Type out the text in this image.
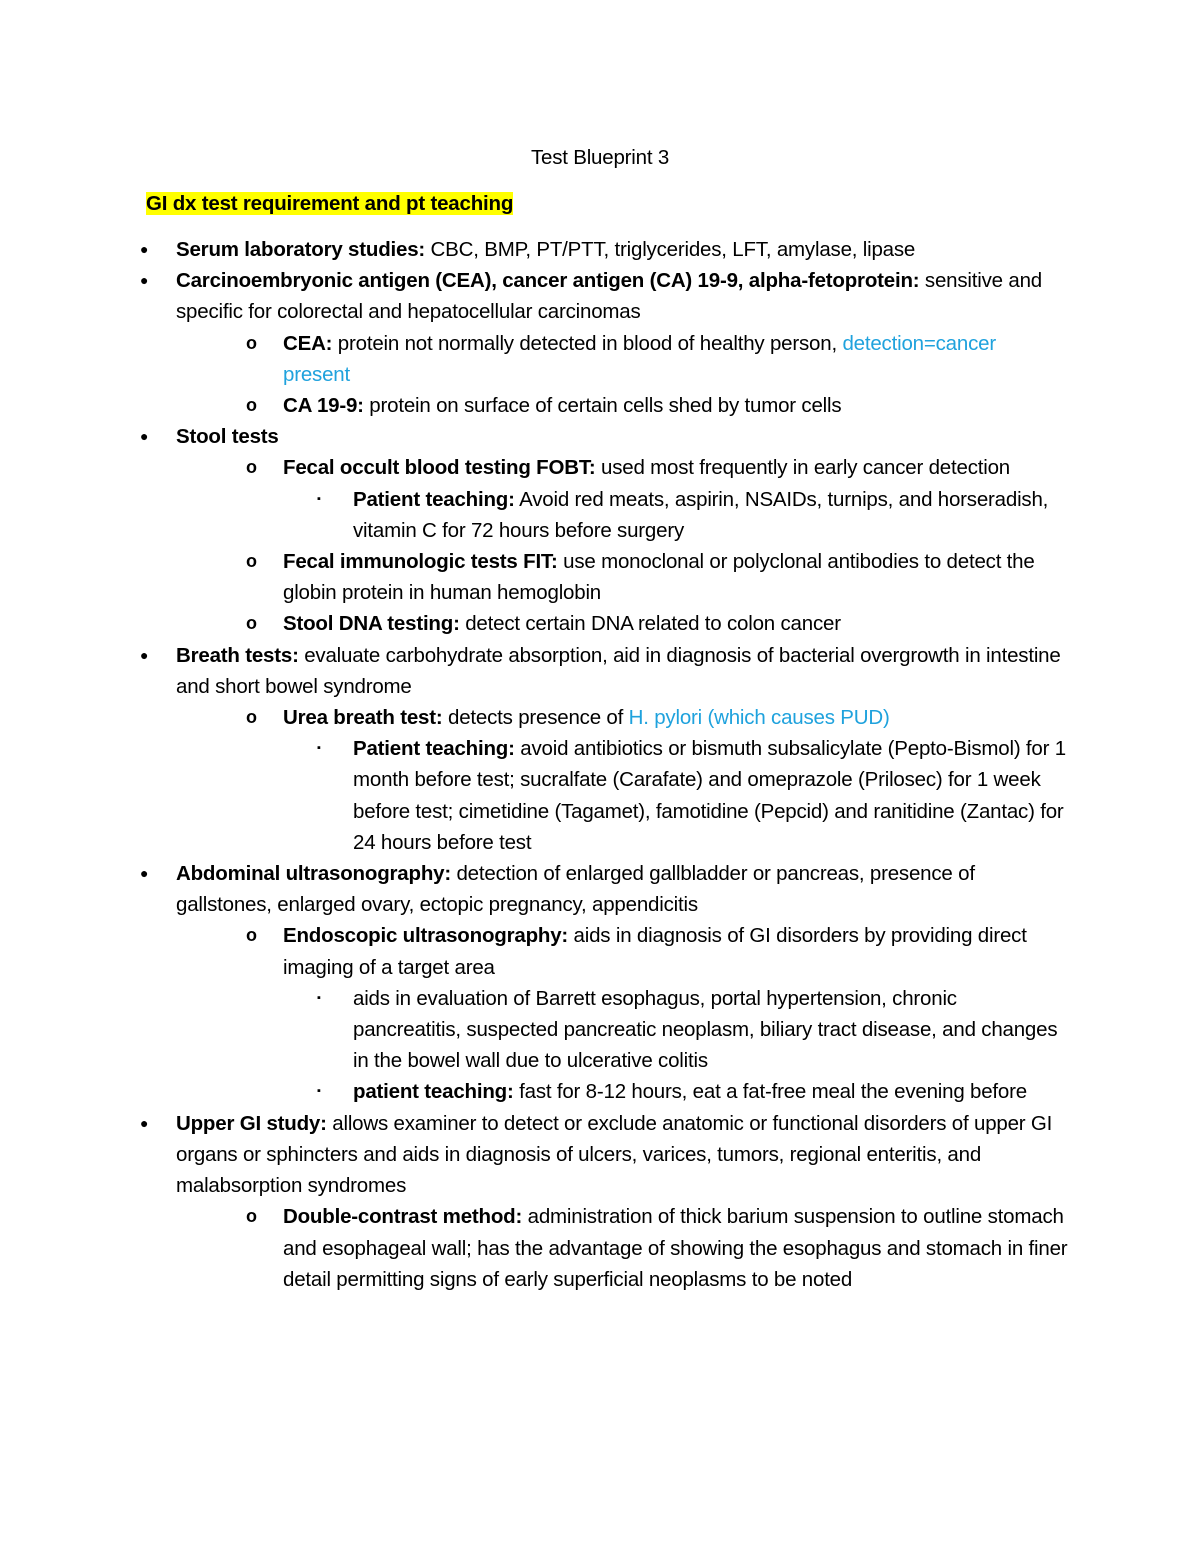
Test Blueprint 3
GI dx test requirement and pt teaching
● Serum laboratory studies: CBC, BMP, PT/PTT, triglycerides, LFT, amylase, lipase
● Carcinoembryonic antigen (CEA), cancer antigen (CA) 19-9, alpha-fetoprotein: sensitive and specific for colorectal and hepatocellular carcinomas
o CEA: protein not normally detected in blood of healthy person, detection=cancer present
o CA 19-9: protein on surface of certain cells shed by tumor cells
● Stool tests
o Fecal occult blood testing FOBT: used most frequently in early cancer detection
▪ Patient teaching: Avoid red meats, aspirin, NSAIDs, turnips, and horseradish, vitamin C for 72 hours before surgery
o Fecal immunologic tests FIT: use monoclonal or polyclonal antibodies to detect the globin protein in human hemoglobin
o Stool DNA testing: detect certain DNA related to colon cancer
● Breath tests: evaluate carbohydrate absorption, aid in diagnosis of bacterial overgrowth in intestine and short bowel syndrome
o Urea breath test: detects presence of H. pylori (which causes PUD)
▪ Patient teaching: avoid antibiotics or bismuth subsalicylate (Pepto-Bismol) for 1 month before test; sucralfate (Carafate) and omeprazole (Prilosec) for 1 week before test; cimetidine (Tagamet), famotidine (Pepcid) and ranitidine (Zantac) for 24 hours before test
● Abdominal ultrasonography: detection of enlarged gallbladder or pancreas, presence of gallstones, enlarged ovary, ectopic pregnancy, appendicitis
o Endoscopic ultrasonography: aids in diagnosis of GI disorders by providing direct imaging of a target area
▪ aids in evaluation of Barrett esophagus, portal hypertension, chronic pancreatitis, suspected pancreatic neoplasm, biliary tract disease, and changes in the bowel wall due to ulcerative colitis
▪ patient teaching: fast for 8-12 hours, eat a fat-free meal the evening before
● Upper GI study: allows examiner to detect or exclude anatomic or functional disorders of upper GI organs or sphincters and aids in diagnosis of ulcers, varices, tumors, regional enteritis, and malabsorption syndromes
o Double-contrast method: administration of thick barium suspension to outline stomach and esophageal wall; has the advantage of showing the esophagus and stomach in finer detail permitting signs of early superficial neoplasms to be noted
